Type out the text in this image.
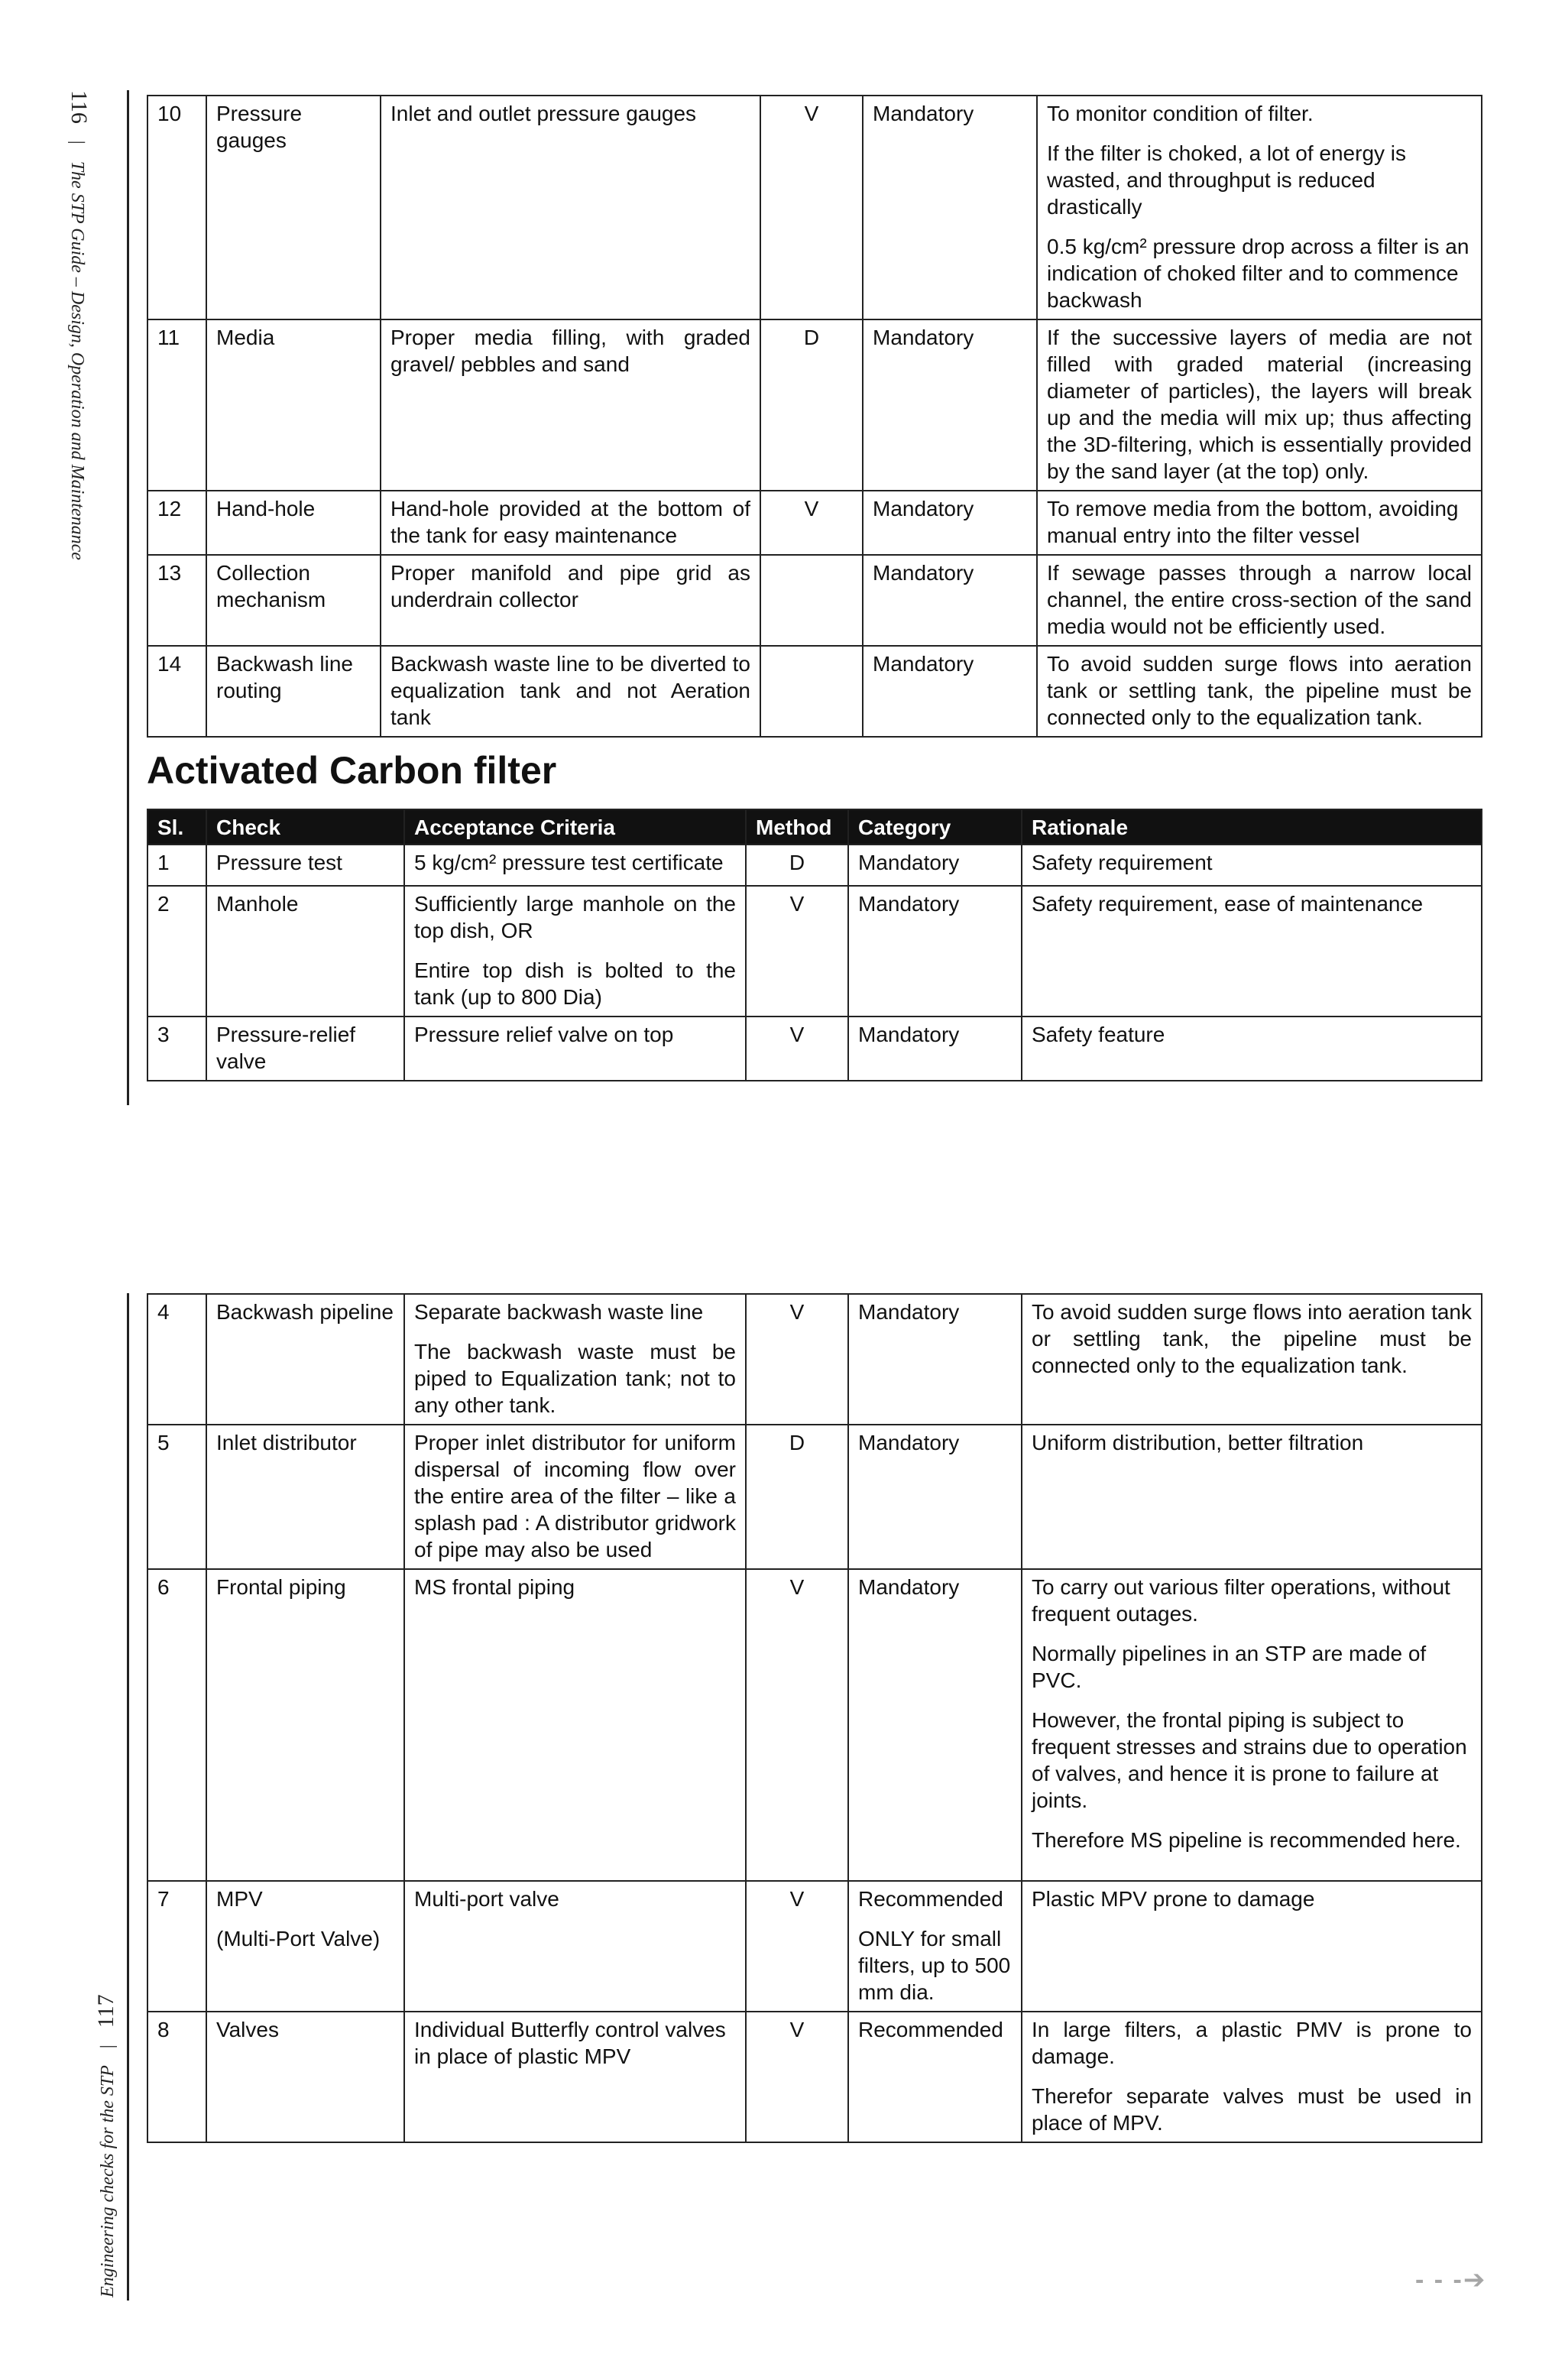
116 | The STP Guide – Design, Operation and Maintenance
Engineering checks for the STP | 117
10	Pressure gauges	Inlet and outlet pressure gauges	V	Mandatory	To monitor condition of filter.
If the filter is choked, a lot of energy is wasted, and throughput is reduced drastically
0.5 kg/cm² pressure drop across a filter is an indication of choked filter and to commence backwash

11	Media	Proper media filling, with graded gravel/ pebbles and sand	D	Mandatory	If the successive layers of media are not filled with graded material (increasing diameter of particles), the layers will break up and the media will mix up; thus affecting the 3D-filtering, which is essentially provided by the sand layer (at the top) only.

12	Hand-hole	Hand-hole provided at the bottom of the tank for easy maintenance	V	Mandatory	To remove media from the bottom, avoiding manual entry into the filter vessel

13	Collection mechanism	Proper manifold and pipe grid as underdrain collector		Mandatory	If sewage passes through a narrow local channel, the entire cross-section of the sand media would not be efficiently used.

14	Backwash line routing	Backwash waste line to be diverted to equalization tank and not Aeration tank		Mandatory	To avoid sudden surge flows into aeration tank or settling tank, the pipeline must be connected only to the equalization tank.
Activated Carbon filter
Sl.	Check	Acceptance Criteria	Method	Category	Rationale
1	Pressure test	5 kg/cm² pressure test certificate	D	Mandatory	Safety requirement

2	Manhole	Sufficiently large manhole on the top dish, OR
Entire top dish is bolted to the tank (up to 800 Dia)	V	Mandatory	Safety requirement, ease of maintenance

3	Pressure-relief valve	Pressure relief valve on top	V	Mandatory	Safety feature
4	Backwash pipeline	Separate backwash waste line
The backwash waste must be piped to Equalization tank; not to any other tank.	V	Mandatory	To avoid sudden surge flows into aeration tank or settling tank, the pipeline must be connected only to the equalization tank.

5	Inlet distributor	Proper inlet distributor for uniform dispersal of incoming flow over the entire area of the filter – like a splash pad : A distributor gridwork of pipe may also be used	D	Mandatory	Uniform distribution, better filtration

6	Frontal piping	MS frontal piping	V	Mandatory	To carry out various filter operations, without frequent outages.
Normally pipelines in an STP are made of PVC.
However, the frontal piping is subject to frequent stresses and strains due to operation of valves, and hence it is prone to failure at joints.
Therefore MS pipeline is recommended here.

7	MPV
(Multi-Port Valve)	Multi-port valve	V	Recommended
ONLY for small filters, up to 500 mm dia.	Plastic MPV prone to damage

8	Valves	Individual Butterfly control valves in place of plastic MPV	V	Recommended	In large filters, a plastic PMV is prone to damage.
Therefor separate valves must be used in place of MPV.
- - -➔
